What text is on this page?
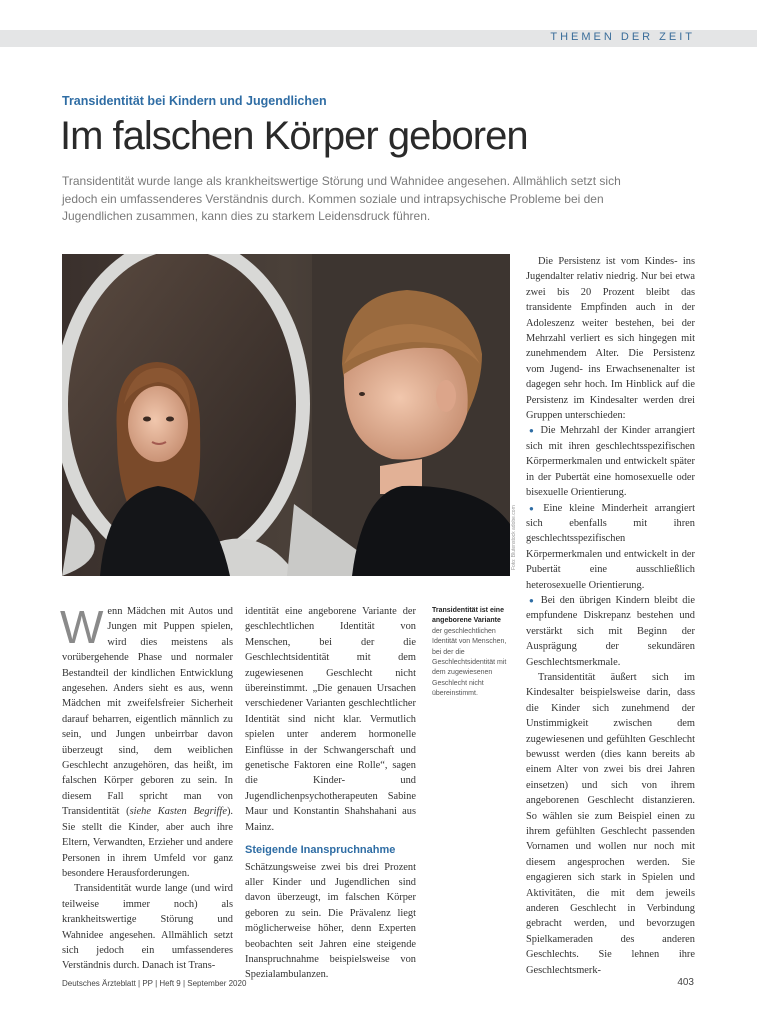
THEMEN DER ZEIT
Transidentität bei Kindern und Jugendlichen
Im falschen Körper geboren
Transidentität wurde lange als krankheitswertige Störung und Wahnidee angesehen. Allmählich setzt sich jedoch ein umfassenderes Verständnis durch. Kommen soziale und intrapsychische Probleme bei den Jugendlichen zusammen, kann dies zu starkem Leidensdruck führen.
Foto: Blutenstock adobe.com

Wenn Mädchen mit Autos und Jungen mit Puppen spielen, wird dies meistens als vorübergehende Phase und normaler Bestandteil der kindlichen Entwicklung angesehen. Anders sieht es aus, wenn Mädchen mit zweifelsfreier Sicherheit darauf beharren, eigentlich männlich zu sein, und Jungen unbeirrbar davon überzeugt sind, dem weiblichen Geschlecht anzugehören, das heißt, im falschen Körper geboren zu sein. In diesem Fall spricht man von Transidentität (siehe Kasten Begriffe). Sie stellt die Kinder, aber auch ihre Eltern, Verwandten, Erzieher und andere Personen in ihrem Umfeld vor ganz besondere Herausforderungen.

Transidentität wurde lange (und wird teilweise immer noch) als krankheitswertige Störung und Wahnidee angesehen. Allmählich setzt sich jedoch ein umfassenderes Verständnis durch. Danach ist Trans-

identität eine angeborene Variante der geschlechtlichen Identität von Menschen, bei der die Geschlechtsidentität mit dem zugewiesenen Geschlecht nicht übereinstimmt. „Die genauen Ursachen verschiedener Varianten geschlechtlicher Identität sind nicht klar. Vermutlich spielen unter anderem hormonelle Einflüsse in der Schwangerschaft und genetische Faktoren eine Rolle“, sagen die Kinder- und Jugendlichenpsychotherapeuten Sabine Maur und Konstantin Shahshahani aus Mainz.

Steigende Inanspruchnahme

Schätzungsweise zwei bis drei Prozent aller Kinder und Jugendlichen sind davon überzeugt, im falschen Körper geboren zu sein. Die Prävalenz liegt möglicherweise höher, denn Experten beobachten seit Jahren eine steigende Inanspruchnahme beispielsweise von Spezialambulanzen.

Transidentität ist eine angeborene Variante der geschlechtlichen Identität von Menschen, bei der die Geschlechtsidentität mit dem zugewiesenen Geschlecht nicht übereinstimmt.

Die Persistenz ist vom Kindes- ins Jugendalter relativ niedrig. Nur bei etwa zwei bis 20 Prozent bleibt das transidente Empfinden auch in der Adoleszenz weiter bestehen, bei der Mehrzahl verliert es sich hingegen mit zunehmendem Alter. Die Persistenz vom Jugend- ins Erwachsenenalter ist dagegen sehr hoch. Im Hinblick auf die Persistenz im Kindesalter werden drei Gruppen unterschieden:

● Die Mehrzahl der Kinder arrangiert sich mit ihren geschlechtsspezifischen Körpermerkmalen und entwickelt später in der Pubertät eine homosexuelle oder bisexuelle Orientierung.

● Eine kleine Minderheit arrangiert sich ebenfalls mit ihren geschlechtsspezifischen Körpermerkmalen und entwickelt in der Pubertät eine ausschließlich heterosexuelle Orientierung.

● Bei den übrigen Kindern bleibt die empfundene Diskrepanz bestehen und verstärkt sich mit Beginn der Ausprägung der sekundären Geschlechtsmerkmale.

Transidentität äußert sich im Kindesalter beispielsweise darin, dass die Kinder sich zunehmend der Unstimmigkeit zwischen dem zugewiesenen und gefühlten Geschlecht bewusst werden (dies kann bereits ab einem Alter von zwei bis drei Jahren einsetzen) und sich von ihrem angeborenen Geschlecht distanzieren. So wählen sie zum Beispiel einen zu ihrem gefühlten Geschlecht passenden Vornamen und wollen nur noch mit diesem angesprochen werden. Sie engagieren sich stark in Spielen und Aktivitäten, die mit dem jeweils anderen Geschlecht in Verbindung gebracht werden, und bevorzugen Spielkameraden des anderen Geschlechts. Sie lehnen ihre Geschlechtsmerk-

Deutsches Ärzteblatt | PP | Heft 9 | September 2020	403
